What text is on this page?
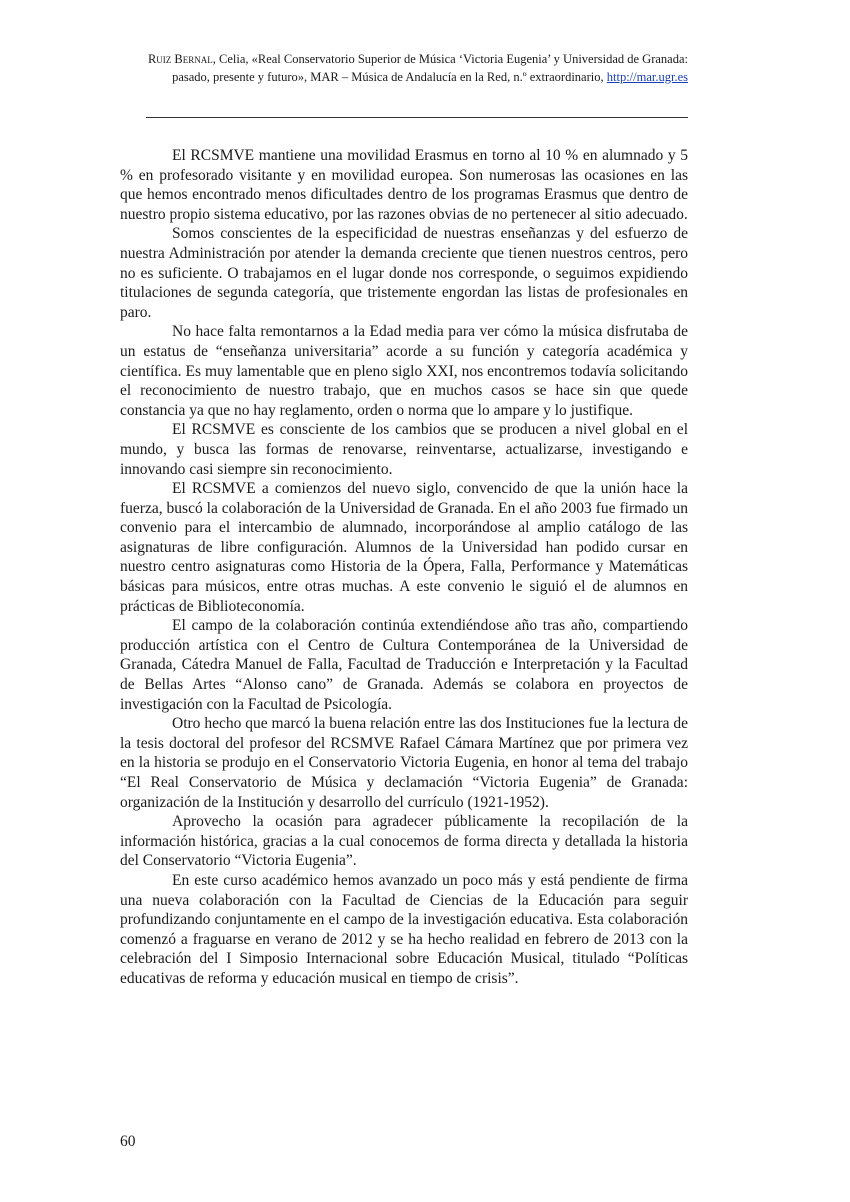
Ruiz Bernal, Celia, «Real Conservatorio Superior de Música ‘Victoria Eugenia’ y Universidad de Granada: pasado, presente y futuro», MAR – Música de Andalucía en la Red, n.º extraordinario, http://mar.ugr.es

El RCSMVE mantiene una movilidad Erasmus en torno al 10 % en alumnado y 5 % en profesorado visitante y en movilidad europea. Son numerosas las ocasiones en las que hemos encontrado menos dificultades dentro de los programas Erasmus que dentro de nuestro propio sistema educativo, por las razones obvias de no pertenecer al sitio adecuado.

Somos conscientes de la especificidad de nuestras enseñanzas y del esfuerzo de nuestra Administración por atender la demanda creciente que tienen nuestros centros, pero no es suficiente. O trabajamos en el lugar donde nos corresponde, o seguimos expidiendo titulaciones de segunda categoría, que tristemente engordan las listas de profesionales en paro.

No hace falta remontarnos a la Edad media para ver cómo la música disfrutaba de un estatus de “enseñanza universitaria” acorde a su función y categoría académica y científica. Es muy lamentable que en pleno siglo XXI, nos encontremos todavía solicitando el reconocimiento de nuestro trabajo, que en muchos casos se hace sin que quede constancia ya que no hay reglamento, orden o norma que lo ampare y lo justifique.

El RCSMVE es consciente de los cambios que se producen a nivel global en el mundo, y busca las formas de renovarse, reinventarse, actualizarse, investigando e innovando casi siempre sin reconocimiento.

El RCSMVE a comienzos del nuevo siglo, convencido de que la unión hace la fuerza, buscó la colaboración de la Universidad de Granada. En el año 2003 fue firmado un convenio para el intercambio de alumnado, incorporándose al amplio catálogo de las asignaturas de libre configuración. Alumnos de la Universidad han podido cursar en nuestro centro asignaturas como Historia de la Ópera, Falla, Performance y Matemáticas básicas para músicos, entre otras muchas. A este convenio le siguió el de alumnos en prácticas de Biblioteconomía.

El campo de la colaboración continúa extendiéndose año tras año, compartiendo producción artística con el Centro de Cultura Contemporánea de la Universidad de Granada, Cátedra Manuel de Falla, Facultad de Traducción e Interpretación y la Facultad de Bellas Artes “Alonso cano” de Granada. Además se colabora en proyectos de investigación con la Facultad de Psicología.

Otro hecho que marcó la buena relación entre las dos Instituciones fue la lectura de la tesis doctoral del profesor del RCSMVE Rafael Cámara Martínez que por primera vez en la historia se produjo en el Conservatorio Victoria Eugenia, en honor al tema del trabajo “El Real Conservatorio de Música y declamación “Victoria Eugenia” de Granada: organización de la Institución y desarrollo del currículo (1921-1952).

Aprovecho la ocasión para agradecer públicamente la recopilación de la información histórica, gracias a la cual conocemos de forma directa y detallada la historia del Conservatorio “Victoria Eugenia”.

En este curso académico hemos avanzado un poco más y está pendiente de firma una nueva colaboración con la Facultad de Ciencias de la Educación para seguir profundizando conjuntamente en el campo de la investigación educativa. Esta colaboración comenzó a fraguarse en verano de 2012 y se ha hecho realidad en febrero de 2013 con la celebración del I Simposio Internacional sobre Educación Musical, titulado “Políticas educativas de reforma y educación musical en tiempo de crisis”.

60
